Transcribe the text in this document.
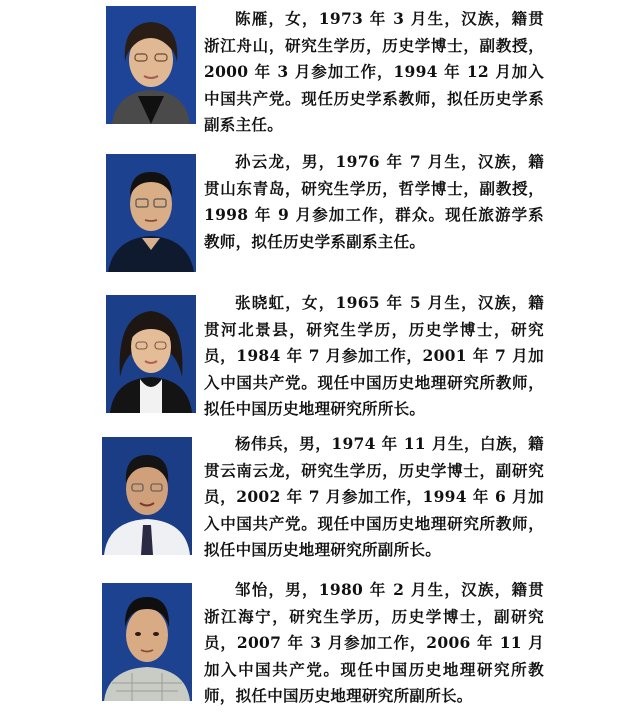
陈雁，女，1973 年 3 月生，汉族，籍贯浙江舟山，研究生学历，历史学博士，副教授，2000 年 3 月参加工作，1994 年 12 月加入中国共产党。现任历史学系教师，拟任历史学系副系主任。

孙云龙，男，1976 年 7 月生，汉族，籍贯山东青岛，研究生学历，哲学博士，副教授，1998 年 9 月参加工作，群众。现任旅游学系教师，拟任历史学系副系主任。

张晓虹，女，1965 年 5 月生，汉族，籍贯河北景县，研究生学历，历史学博士，研究员，1984 年 7 月参加工作，2001 年 7 月加入中国共产党。现任中国历史地理研究所教师，拟任中国历史地理研究所所长。

杨伟兵，男，1974 年 11 月生，白族，籍贯云南云龙，研究生学历，历史学博士，副研究员，2002 年 7 月参加工作，1994 年 6 月加入中国共产党。现任中国历史地理研究所教师，拟任中国历史地理研究所副所长。

邹怡，男，1980 年 2 月生，汉族，籍贯浙江海宁，研究生学历，历史学博士，副研究员，2007 年 3 月参加工作，2006 年 11 月加入中国共产党。现任中国历史地理研究所教师，拟任中国历史地理研究所副所长。
